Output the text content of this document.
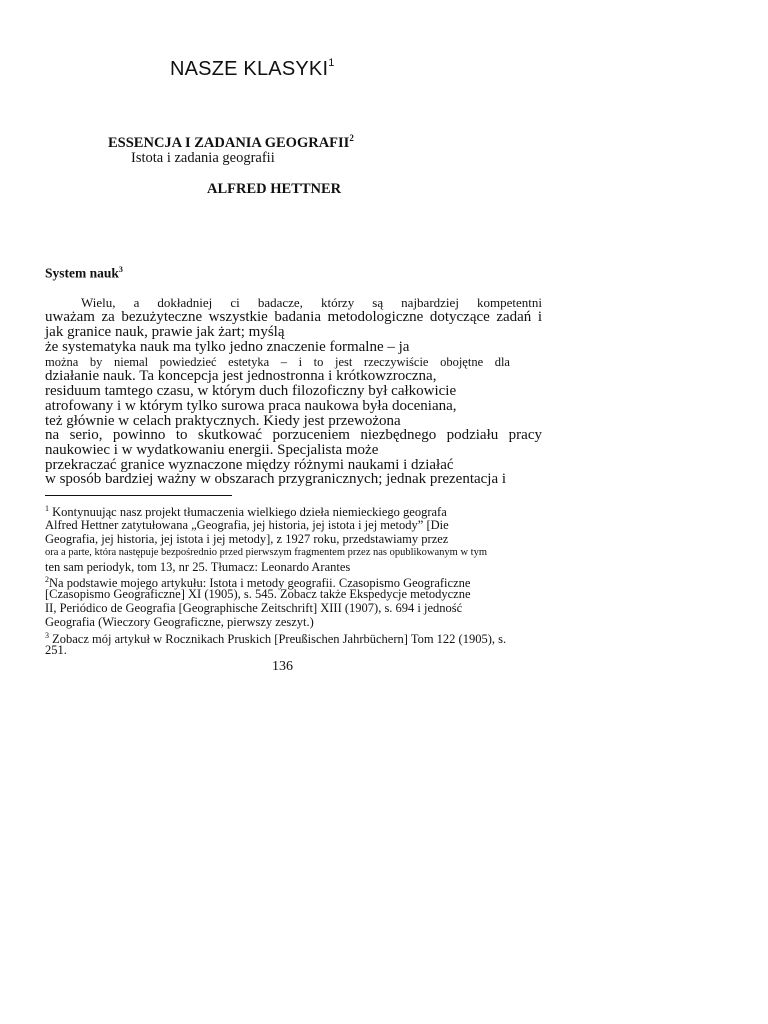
NASZE KLASYKI$^1$
ESSENCJA I ZADANIA GEOGRAFII$^2$
Istota i zadania geografii
ALFRED HETTNER
System nauk$^3$
Wielu, a dokładniej ci badacze, którzy są najbardziej kompetentni
uważam za bezużyteczne wszystkie badania metodologiczne dotyczące zadań i
jak granice nauk, prawie jak żart; myślą
że systematyka nauk ma tylko jedno znaczenie formalne – ja
można by niemal powiedzieć estetyka – i to jest rzeczywiście obojętne dla
działanie nauk. Ta koncepcja jest jednostronna i krótkowzroczna,
residuum tamtego czasu, w którym duch filozoficzny był całkowicie
atrofowany i w którym tylko surowa praca naukowa była doceniana,
też głównie w celach praktycznych. Kiedy jest przewożona
na serio, powinno to skutkować porzuceniem niezbędnego podziału pracy
naukowiec i w wydatkowaniu energii. Specjalista może
przekraczać granice wyznaczone między różnymi naukami i działać
w sposób bardziej ważny w obszarach przygranicznych; jednak prezentacja i
$^1$ Kontynuując nasz projekt tłumaczenia wielkiego dzieła niemieckiego geografa
Alfred Hettner zatytułowana „Geografia, jej historia, jej istota i jej metody” [Die
Geografia, jej historia, jej istota i jej metody], z 1927 roku, przedstawiamy przez
ora a parte, która następuje bezpośrednio przed pierwszym fragmentem przez nas opublikowanym w tym
ten sam periodyk, tom 13, nr 25. Tłumacz: Leonardo Arantes
$^2$Na podstawie mojego artykułu: Istota i metody geografii. Czasopismo Geograficzne
[Czasopismo Geograficzne] XI (1905), s. 545. Zobacz także Ekspedycje metodyczne
II, Periódico de Geografia [Geographische Zeitschrift] XIII (1907), s. 694 i jedność
Geografia (Wieczory Geograficzne, pierwszy zeszyt.)
$^3$ Zobacz mój artykuł w Rocznikach Pruskich [Preußischen Jahrbüchern] Tom 122 (1905), s.
251.
136
